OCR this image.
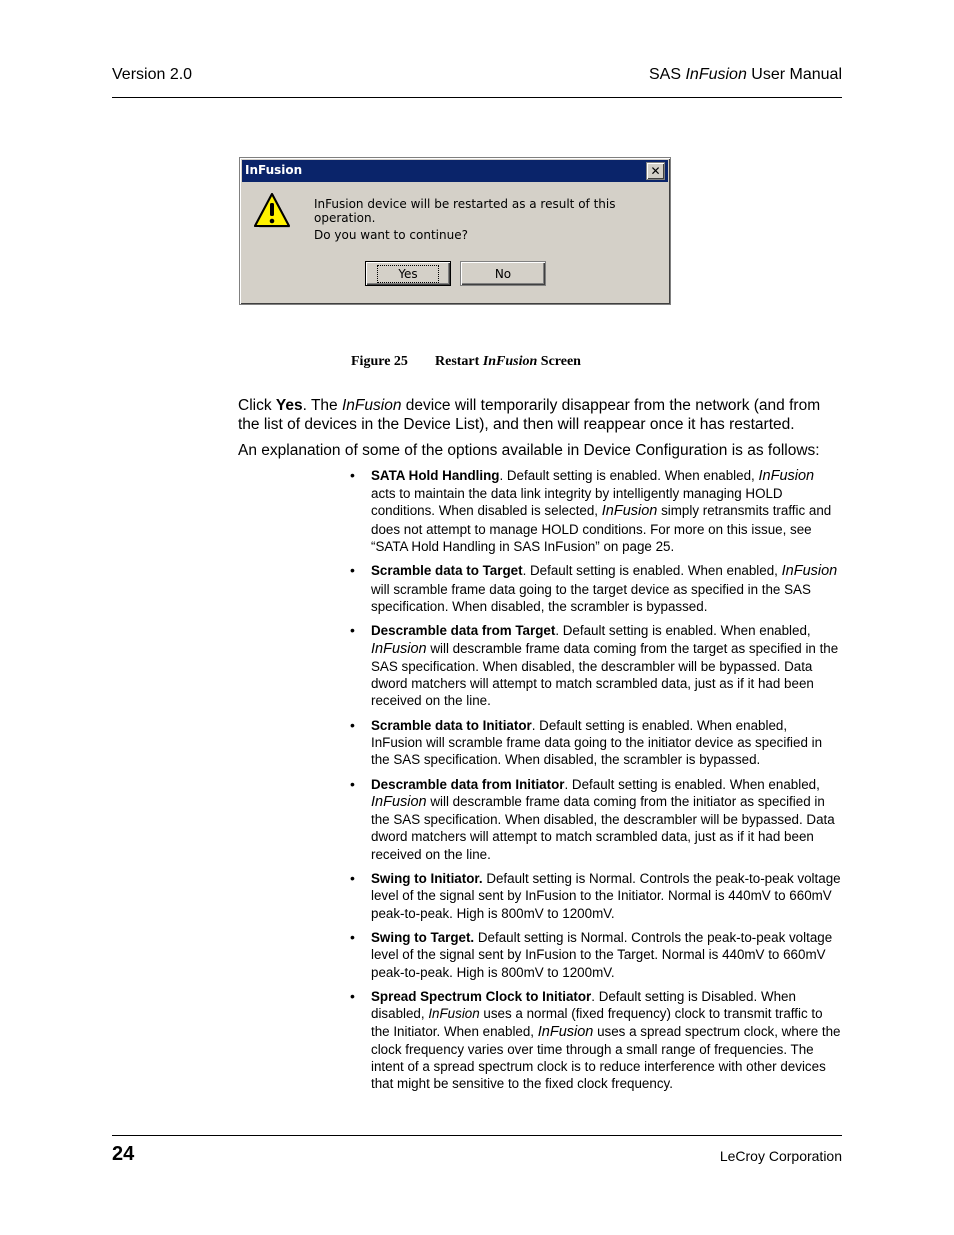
Version 2.0	SAS InFusion User Manual
InFusion	✕
InFusion device will be restarted as a result of this operation.
Do you want to continue?
Yes	No
Figure 25 Restart InFusion Screen
Click Yes. The InFusion device will temporarily disappear from the network (and from the list of devices in the Device List), and then will reappear once it has restarted.
An explanation of some of the options available in Device Configuration is as follows:
• SATA Hold Handling. Default setting is enabled. When enabled, InFusion acts to maintain the data link integrity by intelligently managing HOLD conditions. When disabled is selected, InFusion simply retransmits traffic and does not attempt to manage HOLD conditions. For more on this issue, see “SATA Hold Handling in SAS InFusion” on page 25.
• Scramble data to Target. Default setting is enabled. When enabled, InFusion will scramble frame data going to the target device as specified in the SAS specification. When disabled, the scrambler is bypassed.
• Descramble data from Target. Default setting is enabled. When enabled, InFusion will descramble frame data coming from the target as specified in the SAS specification. When disabled, the descrambler will be bypassed. Data dword matchers will attempt to match scrambled data, just as if it had been received on the line.
• Scramble data to Initiator. Default setting is enabled. When enabled, InFusion will scramble frame data going to the initiator device as specified in the SAS specification. When disabled, the scrambler is bypassed.
• Descramble data from Initiator. Default setting is enabled. When enabled, InFusion will descramble frame data coming from the initiator as specified in the SAS specification. When disabled, the descrambler will be bypassed. Data dword matchers will attempt to match scrambled data, just as if it had been received on the line.
• Swing to Initiator. Default setting is Normal. Controls the peak-to-peak voltage level of the signal sent by InFusion to the Initiator. Normal is 440mV to 660mV peak-to-peak. High is 800mV to 1200mV.
• Swing to Target. Default setting is Normal. Controls the peak-to-peak voltage level of the signal sent by InFusion to the Target. Normal is 440mV to 660mV peak-to-peak. High is 800mV to 1200mV.
• Spread Spectrum Clock to Initiator. Default setting is Disabled. When disabled, InFusion uses a normal (fixed frequency) clock to transmit traffic to the Initiator. When enabled, InFusion uses a spread spectrum clock, where the clock frequency varies over time through a small range of frequencies. The intent of a spread spectrum clock is to reduce interference with other devices that might be sensitive to the fixed clock frequency.
24	LeCroy Corporation
